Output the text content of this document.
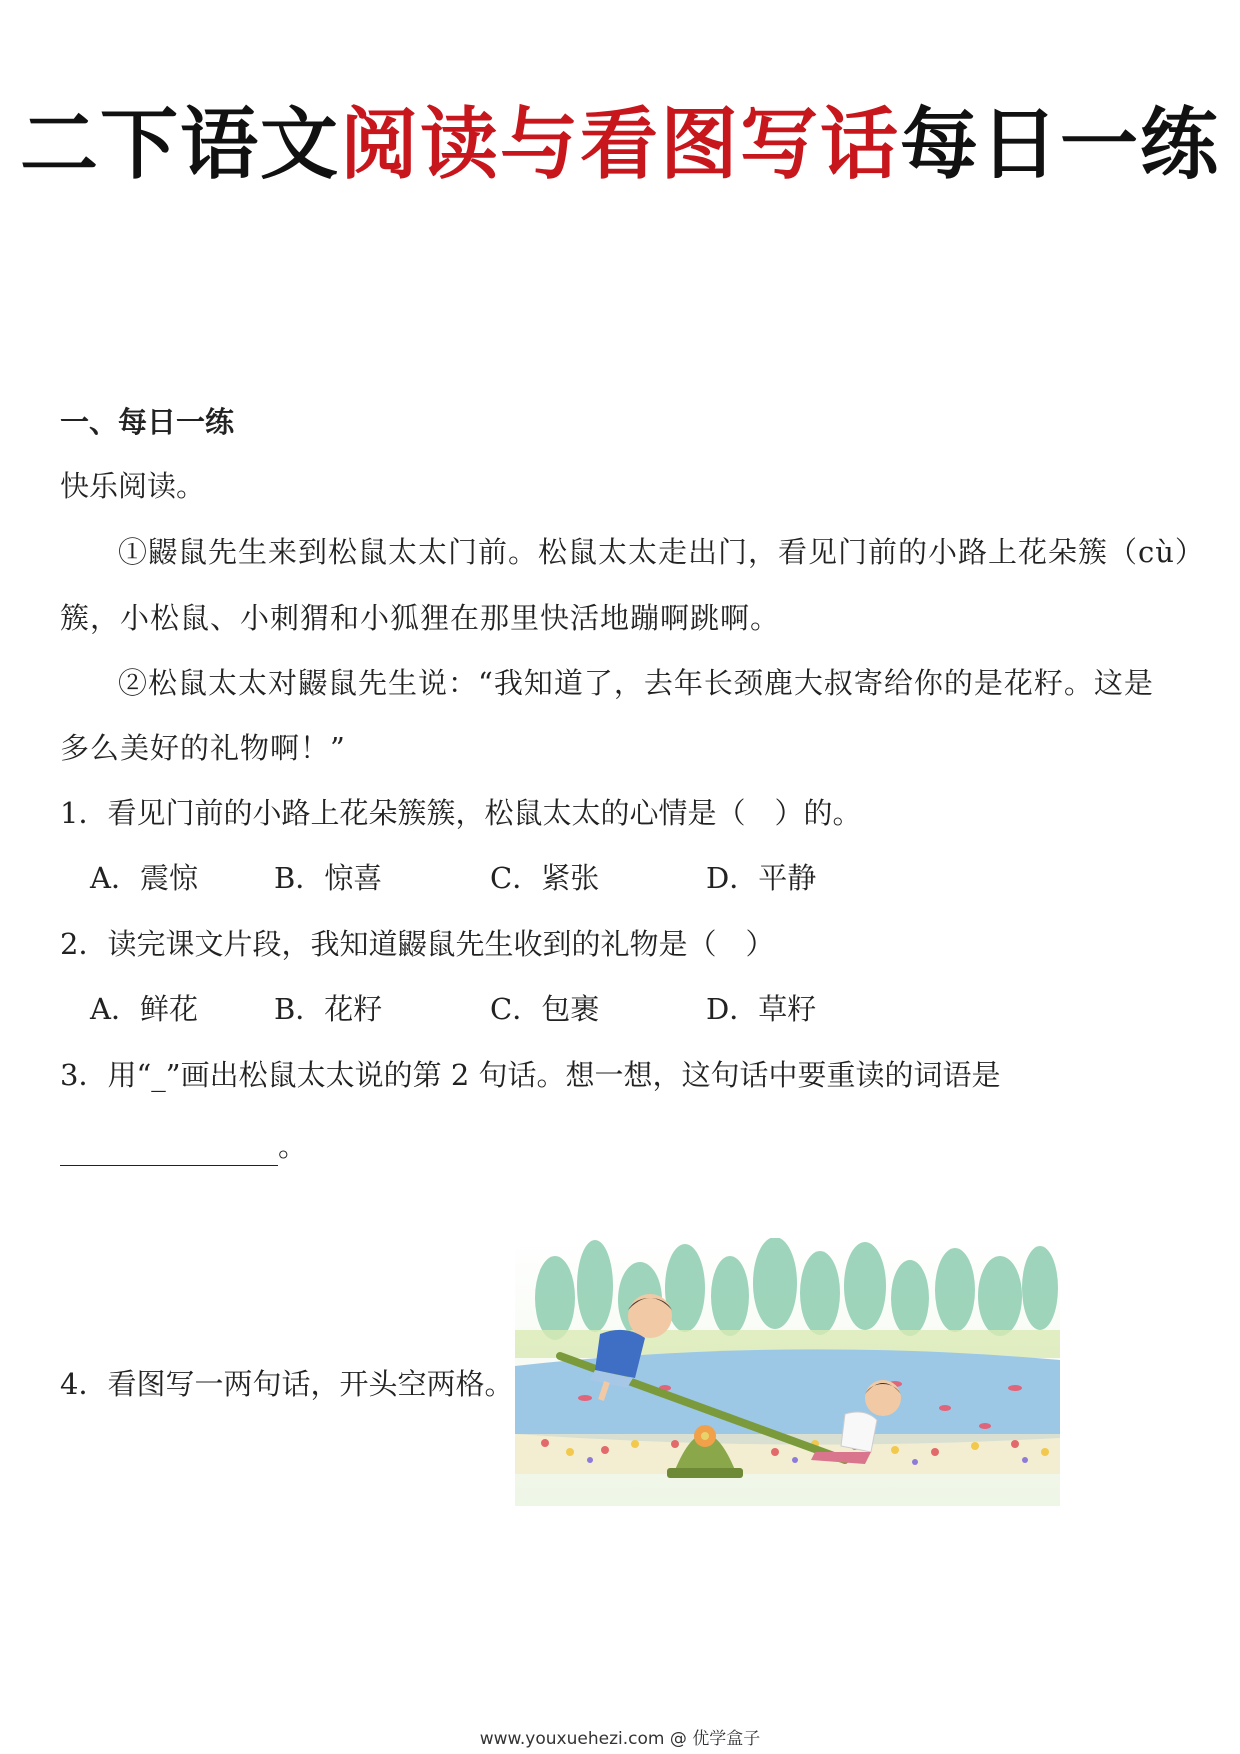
二下语文阅读与看图写话每日一练
一、每日一练
快乐阅读。
①鼹鼠先生来到松鼠太太门前。松鼠太太走出门，看见门前的小路上花朵簇（cù）
簇，小松鼠、小刺猬和小狐狸在那里快活地蹦啊跳啊。
②松鼠太太对鼹鼠先生说：“我知道了，去年长颈鹿大叔寄给你的是花籽。这是
多么美好的礼物啊！”
1．看见门前的小路上花朵簇簇，松鼠太太的心情是（　）的。
A．震惊	B．惊喜	C．紧张	D．平静
2．读完课文片段，我知道鼹鼠先生收到的礼物是（　）
A．鲜花	B．花籽	C．包裹	D．草籽
3．用“_”画出松鼠太太说的第 2 句话。想一想，这句话中要重读的词语是
。
4．看图写一两句话，开头空两格。
www.youxuehezi.com @ 优学盒子
